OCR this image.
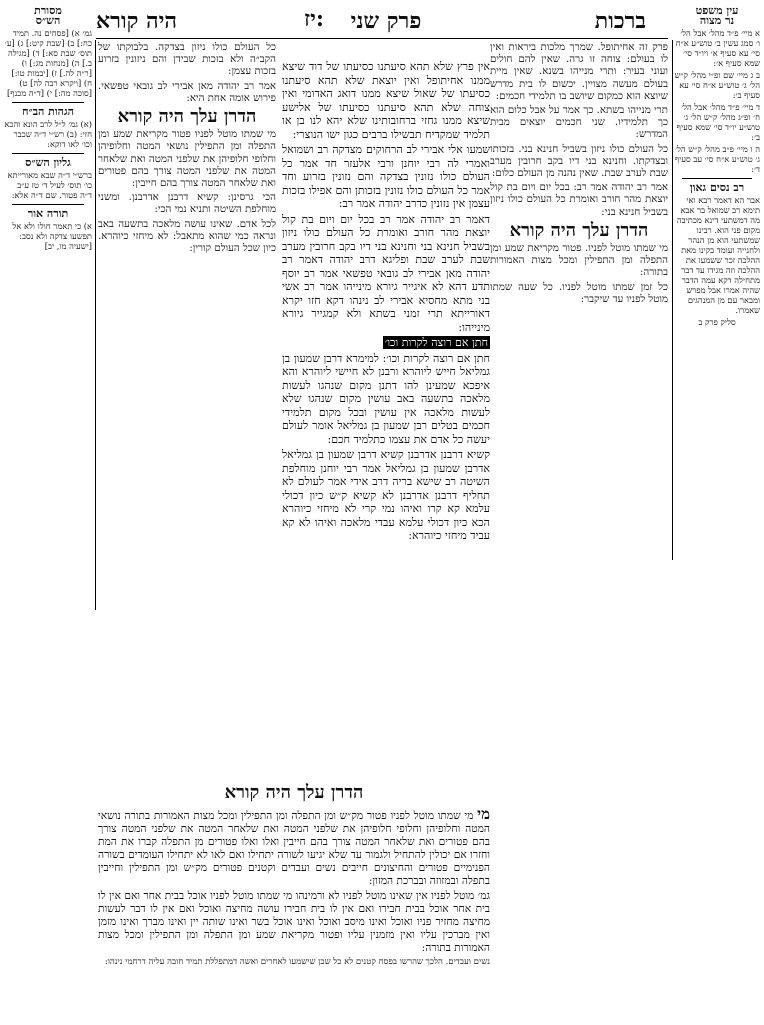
יז:	ברכות
פרק שני
היה קורא	עין משפט
נר מצוה

א מיי׳ פ״ד מהל׳ אבל הל׳ ו׳ סמג עשין ב׳ טוש״ע א״ח סי׳ עא סעיף א׳ ויו״ד סי׳ שמא סעיף א׳:

ב ג מיי׳ שם ופ״י מהל׳ ק״ש הל׳ ג׳ טוש״ע א״ח סי׳ עא סעיף ב׳:

ד מיי׳ פ״ד מהל׳ אבל הל׳ ח׳ ופ״ג מהל׳ ק״ש הל׳ ג׳ טוש״ע יו״ד סי׳ שמא סעיף ב׳:

ה ו מיי׳ פ״ב מהל׳ ק״ש הל׳ ג׳ טוש״ע א״ח סי׳ עב סעיף ד׳:

רב נסים גאון

אבר הא דאמר רבא ואי תימא רב שמואל בר אבא מה דמשתעי דינא מכתיבה מקום פני הוא. רבינו שמשתעי הוא מן הנהר ולחנייה ועומד בקינו מאת ההלכה זכר ששמעו את ההלכה וזה מגידו עד דבר מתחילה דקא עמה הדבר שהיה אמרו אבל מפרש ומבאר עם מן המנהגים שאמרו.

סליק פרק ב

מסורת
הש״ס

גמ׳ א) [פסחים נה. תמיד כח:] ב) [שבת קיט:] ג) [ע׳ תוס׳ שבת סא:] ד) [מגילה ב.] ה) [מנחות מג:] ו) [ר״ה לה.] ז) [יבמות טו:] ח) [ויקרא רבה לה] ט) [סוכה מה:] י) [ד״ה מכנף]

הגהות הב״ח

(א) גמ׳ ל״ל לרב הונא והכא חזי: (ב) רש״י ד״ה שכבר וכו׳ לאו דוקא:

גליון הש״ס

ברש״י ד״ה שבא מאורייתא כו׳ תוס׳ לעיל ד׳ טז ע״ב ד״ה פטור. שם ד״ה אלא:

תורה אור

א) כי תאמר חולו ולא אל תפשעו צדקה ולא נסב: [ישעיה מו, יב]

פרק זה אחיתופל. שמרך מלכות ביראות ואין לו בעולם: צוחה זו גרה. שאין להם חולים ועוני בעיר: ותרי מנייהו בשנא. שאין מיית בעולם מעשה מצויין. יכשום לו בית מדרש שיוצא הוא כמקום שיושב בו תלמידי חכמים:

תרי מנייהו בשתא. כך אמר על אבל כלום הוא כך תלמידיו. שני חכמים יוצאים מבית המדרש:

כל העולם כולו ניזון בשביל חנינא בני. בזכותו ובצדקתו. וחנינא בני דיו בקב חרובין מערב שבת לערב שבת. שאין נהנה מן העולם כלום:

אמר רב יהודה אמר רב: בכל יום ויום בת קול יוצאת מהר חורב ואומרת כל העולם כולו ניזון בשביל חנינא בני:

הדרן עלך היה קורא

מי שמתו מוטל לפניו. פטור מקריאת שמע ומן התפלה ומן התפילין ומכל מצות האמורות בתורה:

כל זמן שמתו מוטל לפניו. כל שעה שמתו מוטל לפניו עד שיקבר:

אין פרץ שלא תהא סיעתנו כסיעתו של דוד שיצא ממנו אחיתופל ואין יוצאת שלא תהא סיעתנו כסיעתו של שאול שיצא ממנו דואג האדומי ואין צוחה שלא תהא סיעתנו כסיעתו של אלישע שיצא ממנו גחזי ברחובותינו שלא יהא לנו בן או תלמיד שמקדיח תבשילו ברבים כגון ישו הנוצרי:

שמעו אלי אבירי לב הרחוקים מצדקה רב ושמואל ואמרי לה רבי יוחנן ורבי אלעזר חד אמר כל העולם כולו נזונין בצדקה והם נזונין בזרוע וחד אמר כל העולם כולו נזונין בזכותן והם אפילו בזכות עצמן אין נזונין כדרב יהודה אמר רב:

דאמר רב יהודה אמר רב בכל יום ויום בת קול יוצאת מהר חורב ואומרת כל העולם כולו ניזון בשביל חנינא בני וחנינא בני דיו בקב חרובין מערב שבת לערב שבת ופליגא דרב יהודה דאמר רב יהודה מאן אבירי לב גובאי טפשאי אמר רב יוסף תדע דהא לא איגייר גיורא מינייהו אמר רב אשי בני מתא מחסיא אבירי לב נינהו דקא חזו יקרא דאורייתא תרי זמני בשתא ולא קמגייר גיורא מינייהו:

חתן אם רוצה לקרות וכו׳

חתן אם רוצה לקרות וכו׳: למימרא דרבן שמעון בן גמליאל חייש ליוהרא ורבנן לא חיישי ליוהרא והא איפכא שמעינן להו דתנן מקום שנהגו לעשות מלאכה בתשעה באב עושין מקום שנהגו שלא לעשות מלאכה אין עושין ובכל מקום תלמידי חכמים בטלים רבן שמעון בן גמליאל אומר לעולם יעשה כל אדם את עצמו כתלמיד חכם:

קשיא דרבנן אדרבנן קשיא דרבן שמעון בן גמליאל אדרבן שמעון בן גמליאל אמר רבי יוחנן מוחלפת השיטה רב שישא בריה דרב אידי אמר לעולם לא תחליף דרבנן אדרבנן לא קשיא ק״ש כיון דכולי עלמא קא קרו ואיהו נמי קרי לא מיחזי כיוהרא הכא כיון דכולי עלמא עבדי מלאכה ואיהו לא קא עביד מיחזי כיוהרא:

כל העולם כולו ניזון בצדקה. בלבוקתו של הקב״ה ולא בזכות שבידן והם ניזונין בזרוע בזכות עצמן:

אמר רב יהודה מאן אבירי לב גובאי טפשאי. פירוש אומה אחת היא:

הדרן עלך היה קורא

מי שמתו מוטל לפניו פטור מקריאת שמע ומן התפלה ומן התפילין נושאי המטה וחלופיהן וחלופי חלופיהן את שלפני המטה ואת שלאחר המטה את שלפני המטה צורך בהם פטורים ואת שלאחר המטה צורך בהם חייבין:

הכי גרסינן: קשיא דרבנן אדרבנן. ומשני מוחלפת השיטה ותניא נמי הכי:

לכל אדם. שאינו עושה מלאכה בתשעה באב ונראה כמי שהוא מתאבל: לא מיחזי כיוהרא. כיון שכל העולם קורין:

הדרן עלך היה קורא

מי מי שמתו מוטל לפניו פטור מק״ש ומן התפלה ומן התפילין ומכל מצות האמורות בתורה נושאי המטה וחלופיהן וחלופי חלופיהן את שלפני המטה ואת שלאחר המטה את שלפני המטה צורך בהם פטורים ואת שלאחר המטה צורך בהם חייבין ואלו ואלו פטורים מן התפלה קברו את המת וחזרו אם יכולין להתחיל ולגמור עד שלא יגיעו לשורה יתחילו ואם לאו לא יתחילו העומדים בשורה הפנימיים פטורים והחיצונים חייבים נשים ועבדים וקטנים פטורים מק״ש ומן התפילין וחייבין בתפלה ובמזוזה ובברכת המזון:

גמ׳ מוטל לפניו אין שאינו מוטל לפניו לא ורמינהו מי שמתו מוטל לפניו אוכל בבית אחר ואם אין לו בית אחר אוכל בבית חבירו ואם אין לו בית חבירו עושה מחיצה ואוכל ואם אין לו דבר לעשות מחיצה מחזיר פניו ואוכל ואינו מיסב ואוכל ואינו אוכל בשר ואינו שותה יין ואינו מברך ואינו מזמן ואין מברכין עליו ואין מזמנין עליו ופטור מקריאת שמע ומן התפלה ומן התפילין ומכל מצות האמורות בתורה:

נשים ועבדים. הלכך שהרשו בפסח קטנים לא כל שכן שישמעו לאחרים ואשה דמתפללת תמיד חובה עליה דרחמי נינהו:
